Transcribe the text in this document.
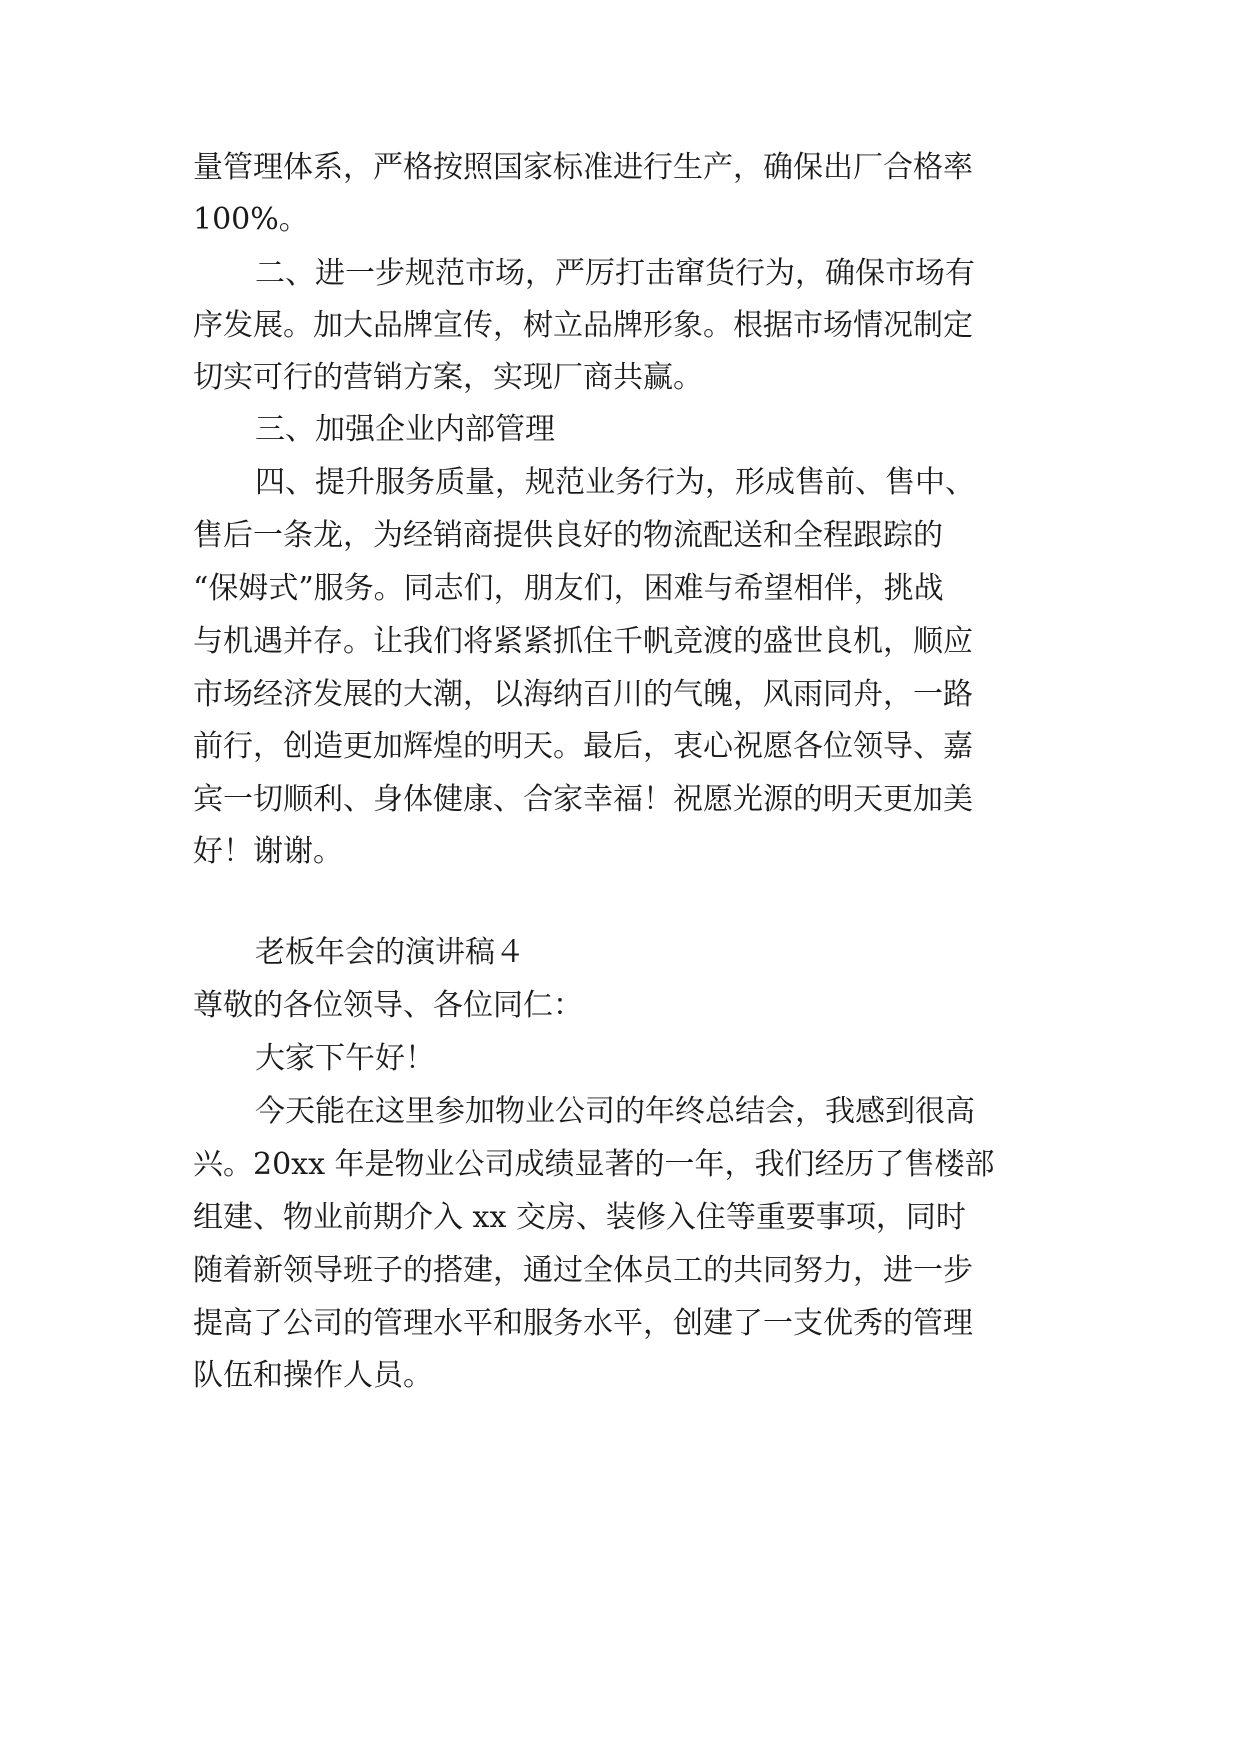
量管理体系，严格按照国家标准进行生产，确保出厂合格率
100%。
二、进一步规范市场，严厉打击窜货行为，确保市场有
序发展。加大品牌宣传，树立品牌形象。根据市场情况制定
切实可行的营销方案，实现厂商共赢。
三、加强企业内部管理
四、提升服务质量，规范业务行为，形成售前、售中、
售后一条龙，为经销商提供良好的物流配送和全程跟踪的
“保姆式”服务。同志们，朋友们，困难与希望相伴，挑战
与机遇并存。让我们将紧紧抓住千帆竞渡的盛世良机，顺应
市场经济发展的大潮，以海纳百川的气魄，风雨同舟，一路
前行，创造更加辉煌的明天。最后，衷心祝愿各位领导、嘉
宾一切顺利、身体健康、合家幸福！祝愿光源的明天更加美
好！谢谢。
老板年会的演讲稿４
尊敬的各位领导、各位同仁：
大家下午好！
今天能在这里参加物业公司的年终总结会，我感到很高
兴。20xx 年是物业公司成绩显著的一年，我们经历了售楼部
组建、物业前期介入 xx 交房、装修入住等重要事项，同时
随着新领导班子的搭建，通过全体员工的共同努力，进一步
提高了公司的管理水平和服务水平，创建了一支优秀的管理
队伍和操作人员。
